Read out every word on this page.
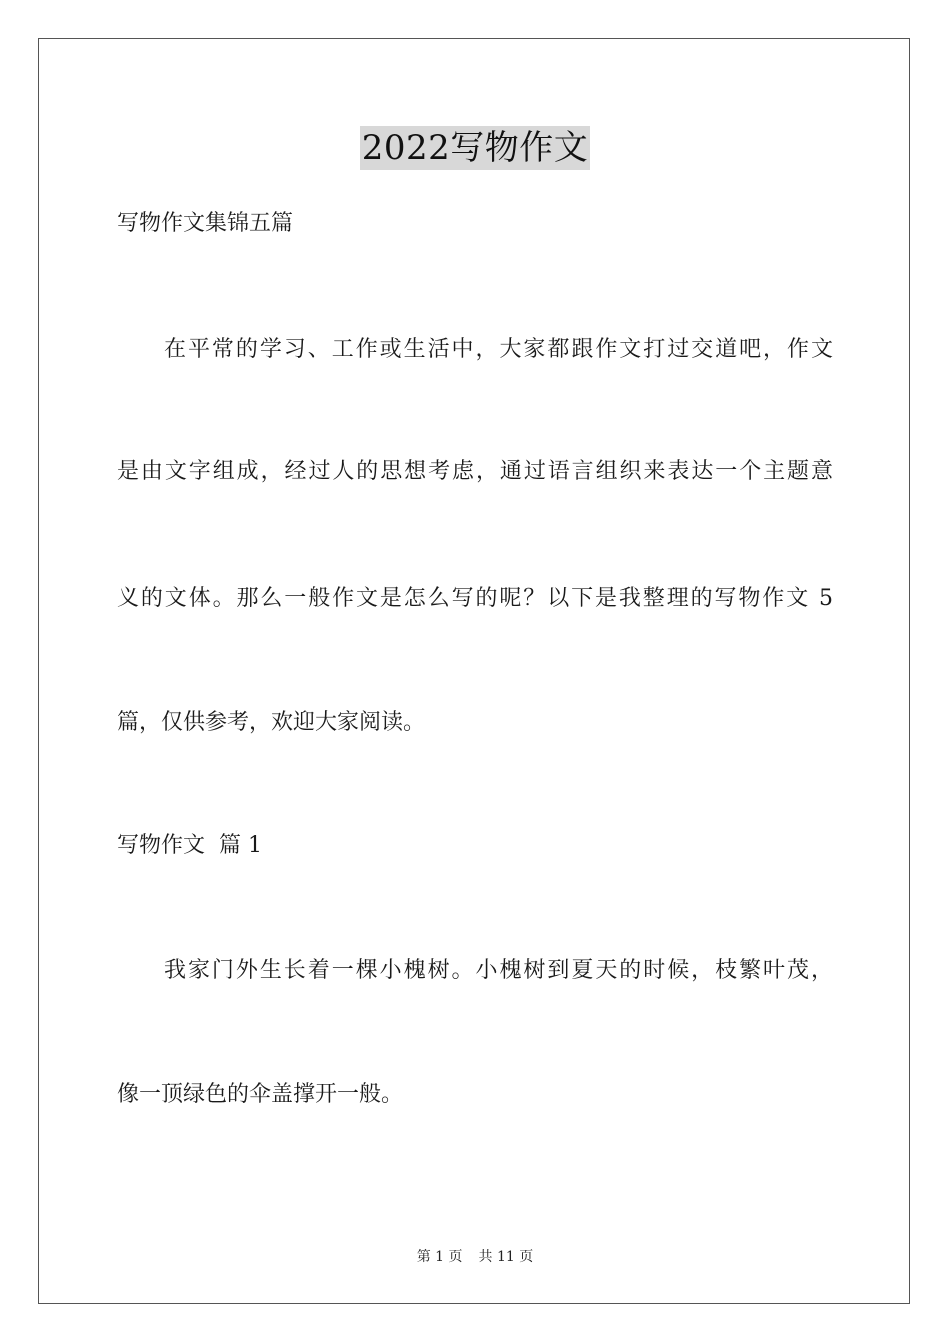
2022写物作文
写物作文集锦五篇
在平常的学习、工作或生活中，大家都跟作文打过交道吧，作文
是由文字组成，经过人的思想考虑，通过语言组织来表达一个主题意
义的文体。那么一般作文是怎么写的呢？以下是我整理的写物作文 5
篇，仅供参考，欢迎大家阅读。
写物作文  篇 1
我家门外生长着一棵小槐树。小槐树到夏天的时候，枝繁叶茂，
像一顶绿色的伞盖撑开一般。
第 1 页 共 11 页
